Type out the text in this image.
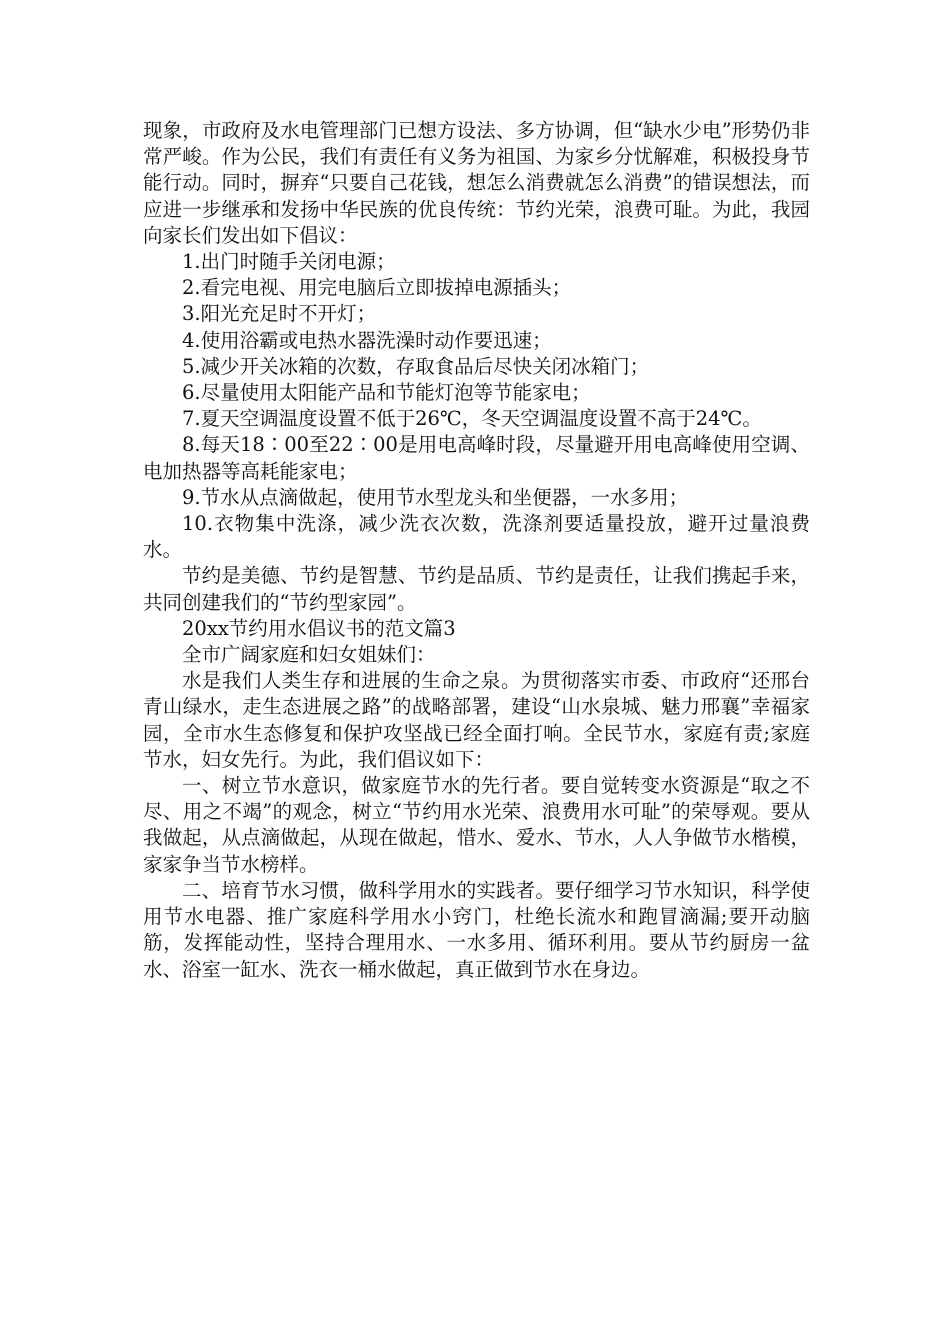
现象，市政府及水电管理部门已想方设法、多方协调，但“缺水少电”形势仍非常严峻。作为公民，我们有责任有义务为祖国、为家乡分忧解难，积极投身节能行动。同时，摒弃“只要自己花钱，想怎么消费就怎么消费”的错误想法，而应进一步继承和发扬中华民族的优良传统：节约光荣，浪费可耻。为此，我园向家长们发出如下倡议：

1.出门时随手关闭电源；

2.看完电视、用完电脑后立即拔掉电源插头；

3.阳光充足时不开灯；

4.使用浴霸或电热水器洗澡时动作要迅速；

5.减少开关冰箱的次数，存取食品后尽快关闭冰箱门；

6.尽量使用太阳能产品和节能灯泡等节能家电；

7.夏天空调温度设置不低于26℃，冬天空调温度设置不高于24℃。

8.每天18∶00至22∶00是用电高峰时段，尽量避开用电高峰使用空调、电加热器等高耗能家电；

9.节水从点滴做起，使用节水型龙头和坐便器，一水多用；

10.衣物集中洗涤，减少洗衣次数，洗涤剂要适量投放，避开过量浪费水。

节约是美德、节约是智慧、节约是品质、节约是责任，让我们携起手来，共同创建我们的“节约型家园”。

20xx节约用水倡议书的范文篇3

全市广阔家庭和妇女姐妹们：

水是我们人类生存和进展的生命之泉。为贯彻落实市委、市政府“还邢台青山绿水，走生态进展之路”的战略部署，建设“山水泉城、魅力邢襄”幸福家园，全市水生态修复和保护攻坚战已经全面打响。全民节水，家庭有责;家庭节水，妇女先行。为此，我们倡议如下：

一、树立节水意识，做家庭节水的先行者。要自觉转变水资源是“取之不尽、用之不竭”的观念，树立“节约用水光荣、浪费用水可耻”的荣辱观。要从我做起，从点滴做起，从现在做起，惜水、爱水、节水，人人争做节水楷模，家家争当节水榜样。

二、培育节水习惯，做科学用水的实践者。要仔细学习节水知识，科学使用节水电器、推广家庭科学用水小窍门，杜绝长流水和跑冒滴漏;要开动脑筋，发挥能动性，坚持合理用水、一水多用、循环利用。要从节约厨房一盆水、浴室一缸水、洗衣一桶水做起，真正做到节水在身边。
